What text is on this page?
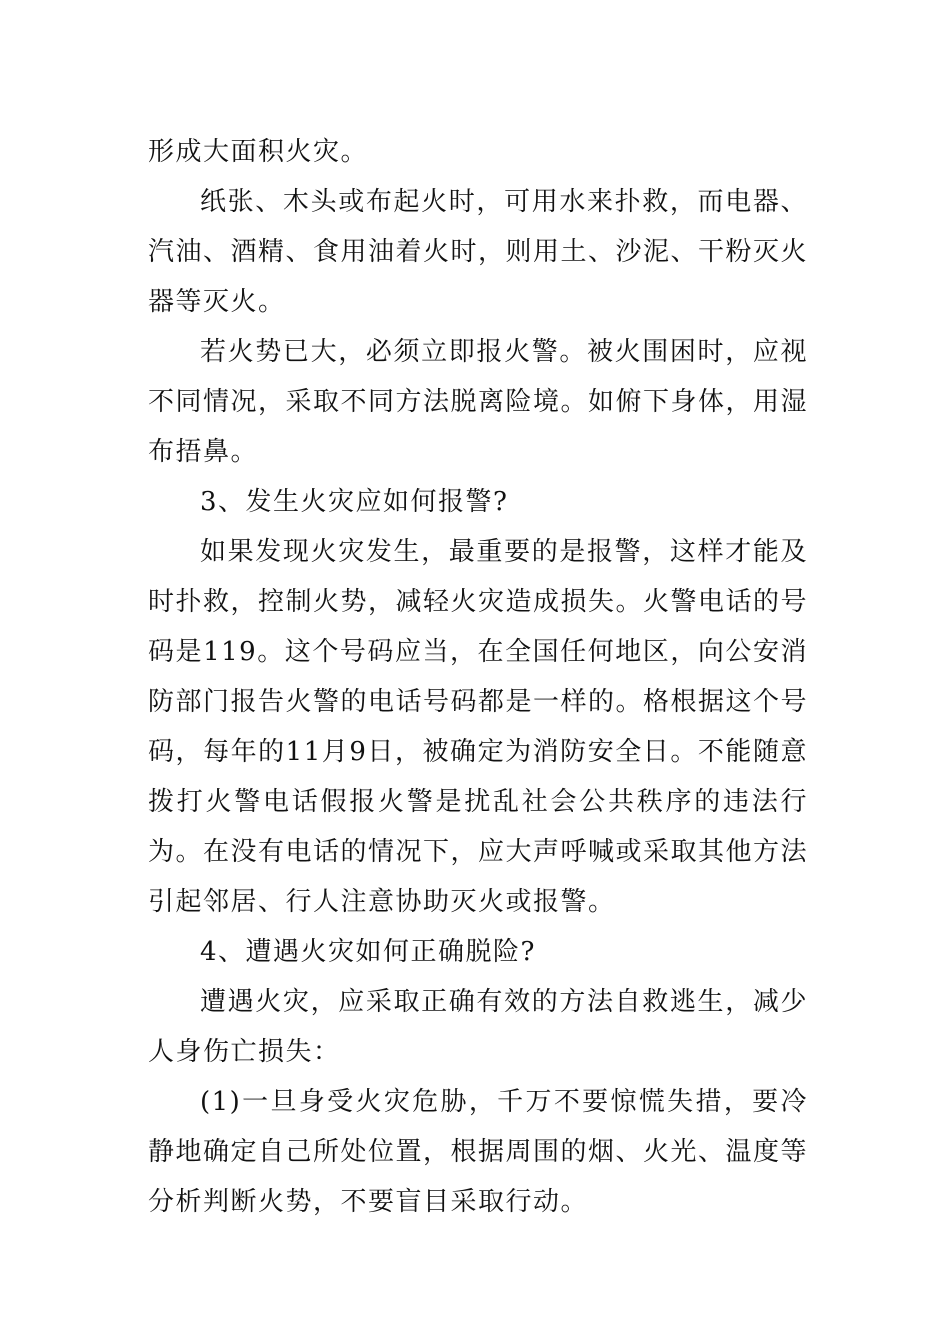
形成大面积火灾。

纸张、木头或布起火时，可用水来扑救，而电器、汽油、酒精、食用油着火时，则用土、沙泥、干粉灭火器等灭火。

若火势已大，必须立即报火警。被火围困时，应视不同情况，采取不同方法脱离险境。如俯下身体，用湿布捂鼻。

3、发生火灾应如何报警?

如果发现火灾发生，最重要的是报警，这样才能及时扑救，控制火势，减轻火灾造成损失。火警电话的号码是119。这个号码应当，在全国任何地区，向公安消防部门报告火警的电话号码都是一样的。格根据这个号码，每年的11月9日，被确定为消防安全日。不能随意拨打火警电话假报火警是扰乱社会公共秩序的违法行为。在没有电话的情况下，应大声呼喊或采取其他方法引起邻居、行人注意协助灭火或报警。

4、遭遇火灾如何正确脱险?

遭遇火灾，应采取正确有效的方法自救逃生，减少人身伤亡损失：

(1)一旦身受火灾危胁，千万不要惊慌失措，要冷静地确定自己所处位置，根据周围的烟、火光、温度等分析判断火势，不要盲目采取行动。
